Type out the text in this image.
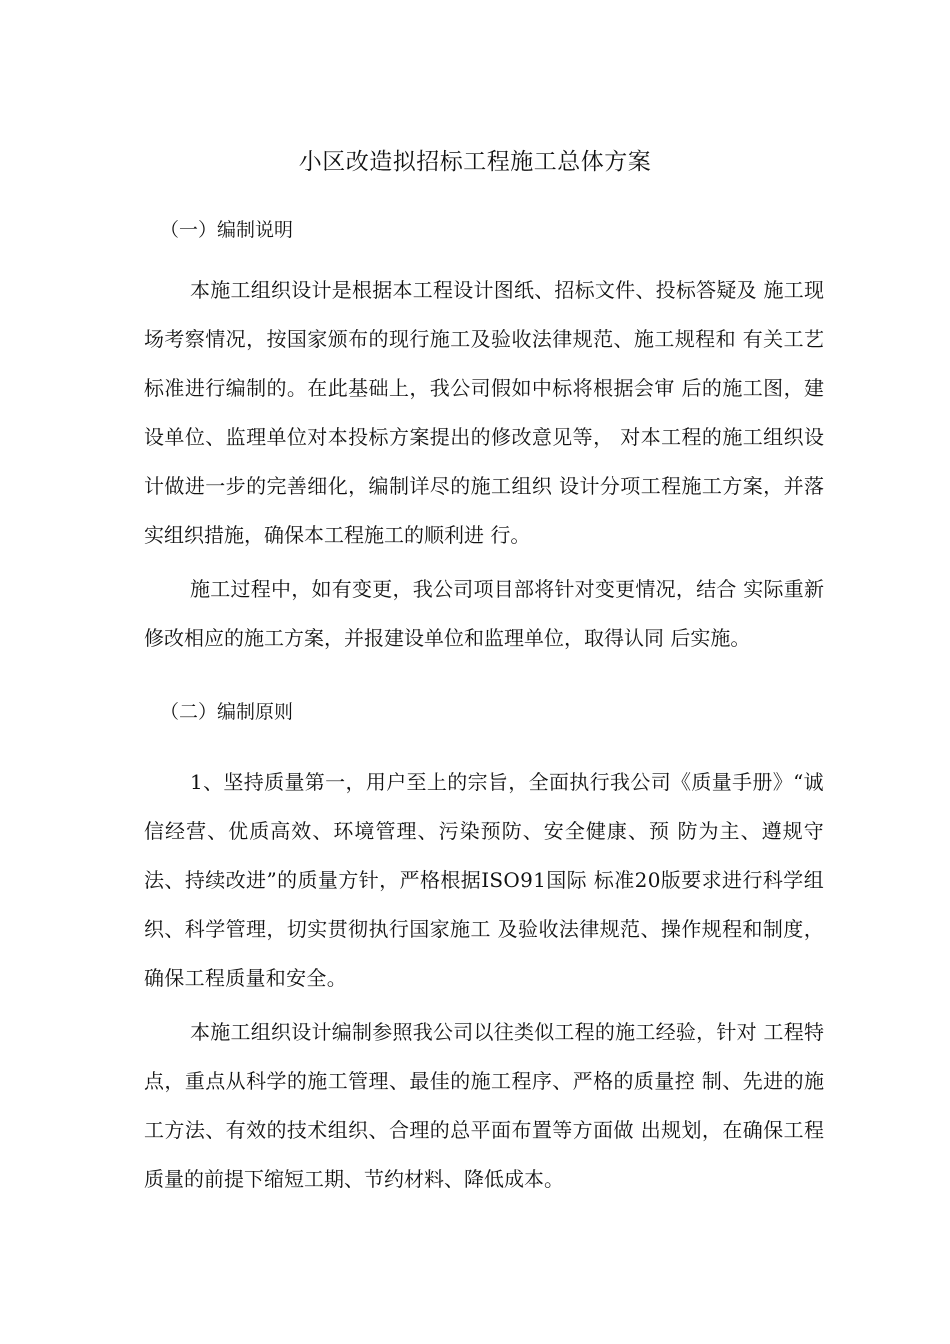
小区改造拟招标工程施工总体方案
（一）编制说明
本施工组织设计是根据本工程设计图纸、招标文件、投标答疑及 施工现场考察情况，按国家颁布的现行施工及验收法律规范、施工规程和 有关工艺标准进行编制的。在此基础上，我公司假如中标将根据会审 后的施工图，建设单位、监理单位对本投标方案提出的修改意见等， 对本工程的施工组织设计做进一步的完善细化，编制详尽的施工组织 设计分项工程施工方案，并落实组织措施，确保本工程施工的顺利进 行。
施工过程中，如有变更，我公司项目部将针对变更情况，结合 实际重新修改相应的施工方案，并报建设单位和监理单位，取得认同 后实施。
（二）编制原则
1、坚持质量第一，用户至上的宗旨，全面执行我公司《质量手册》“诚信经营、优质高效、环境管理、污染预防、安全健康、预 防为主、遵规守法、持续改进”的质量方针，严格根据ISO91国际 标准20版要求进行科学组织、科学管理，切实贯彻执行国家施工 及验收法律规范、操作规程和制度，确保工程质量和安全。
本施工组织设计编制参照我公司以往类似工程的施工经验，针对 工程特点，重点从科学的施工管理、最佳的施工程序、严格的质量控 制、先进的施工方法、有效的技术组织、合理的总平面布置等方面做 出规划，在确保工程质量的前提下缩短工期、节约材料、降低成本。
